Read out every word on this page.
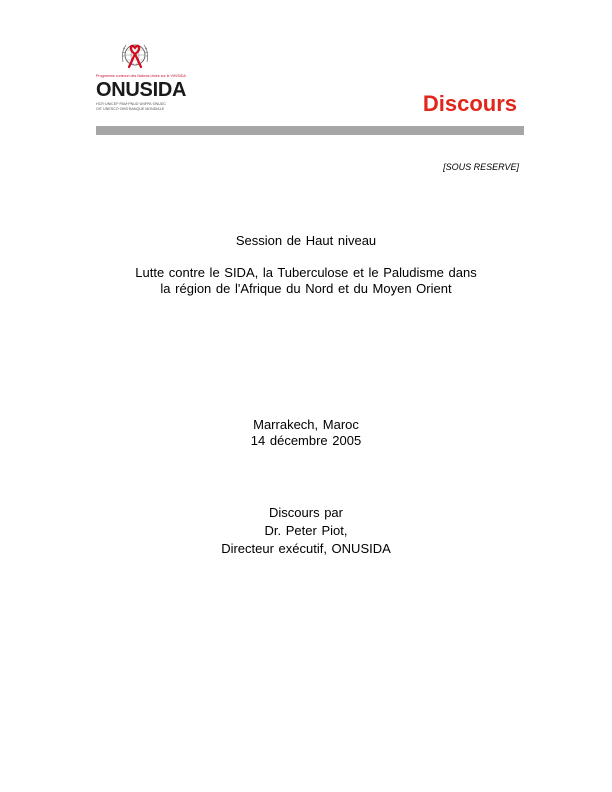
Programme commun des Nations Unies sur le VIH/SIDA
ONUSIDA
HCR·UNICEF·PAM·PNUD·UNFPA·ONUDC
OIT·UNESCO·OMS·BANQUE MONDIALE	Discours
[SOUS RESERVE]
Session de Haut niveau
Lutte contre le SIDA, la Tuberculose et le Paludisme dans
la région de l'Afrique du Nord et du Moyen Orient
Marrakech, Maroc
14 décembre 2005
Discours par
Dr. Peter Piot,
Directeur exécutif, ONUSIDA
